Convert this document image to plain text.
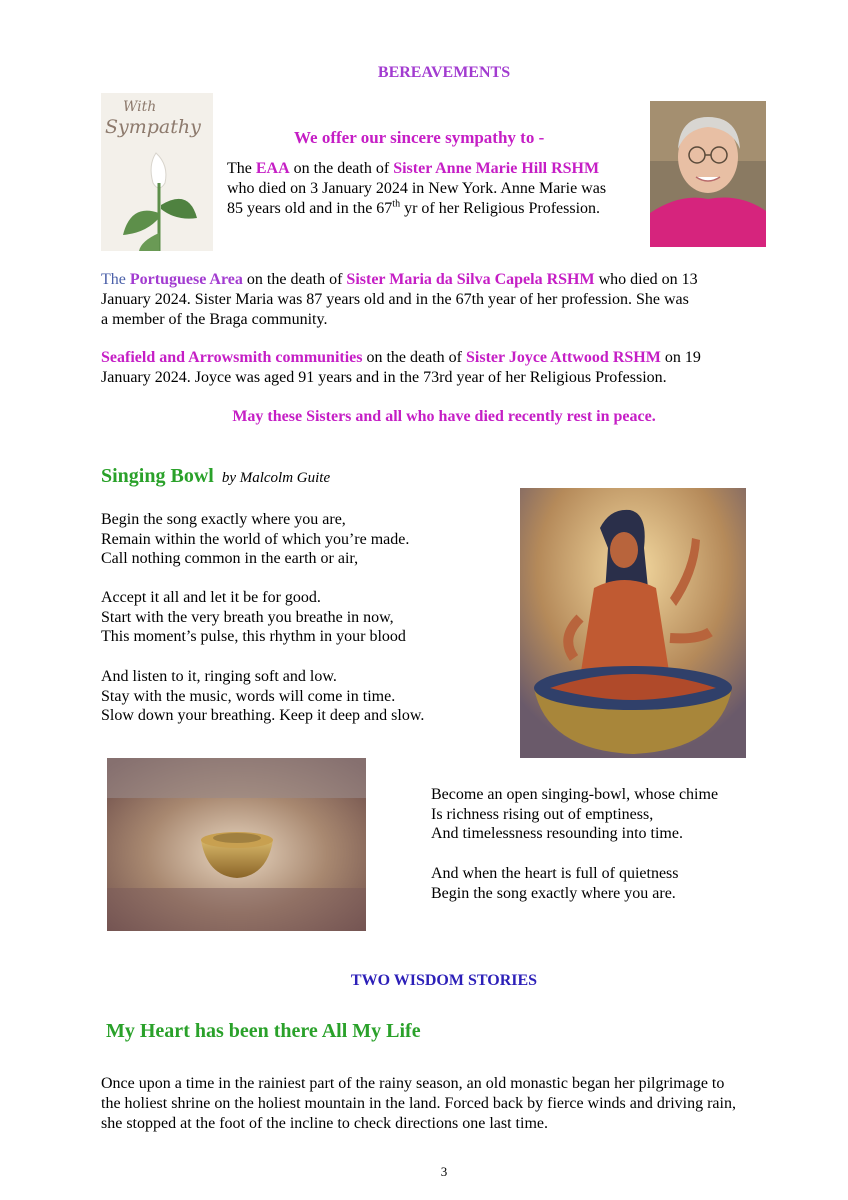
BEREAVEMENTS
With
Sympathy	We offer our sincere sympathy to -
The EAA on the death of Sister Anne Marie Hill RSHM
who died on 3 January 2024 in New York. Anne Marie was
85 years old and in the 67th yr of her Religious Profession.
The Portuguese Area on the death of Sister Maria da Silva Capela RSHM who died on 13
January 2024. Sister Maria was 87 years old and in the 67th year of her profession. She was
a member of the Braga community.
Seafield and Arrowsmith communities on the death of Sister Joyce Attwood RSHM on 19
January 2024. Joyce was aged 91 years and in the 73rd year of her Religious Profession.
May these Sisters and all who have died recently rest in peace.
Singing Bowl by Malcolm Guite
Begin the song exactly where you are,
Remain within the world of which you’re made.
Call nothing common in the earth or air,
Accept it all and let it be for good.
Start with the very breath you breathe in now,
This moment’s pulse, this rhythm in your blood
And listen to it, ringing soft and low.
Stay with the music, words will come in time.
Slow down your breathing. Keep it deep and slow.
Become an open singing-bowl, whose chime
Is richness rising out of emptiness,
And timelessness resounding into time.
And when the heart is full of quietness
Begin the song exactly where you are.
TWO WISDOM STORIES
My Heart has been there All My Life
Once upon a time in the rainiest part of the rainy season, an old monastic began her pilgrimage to
the holiest shrine on the holiest mountain in the land. Forced back by fierce winds and driving rain,
she stopped at the foot of the incline to check directions one last time.
3
